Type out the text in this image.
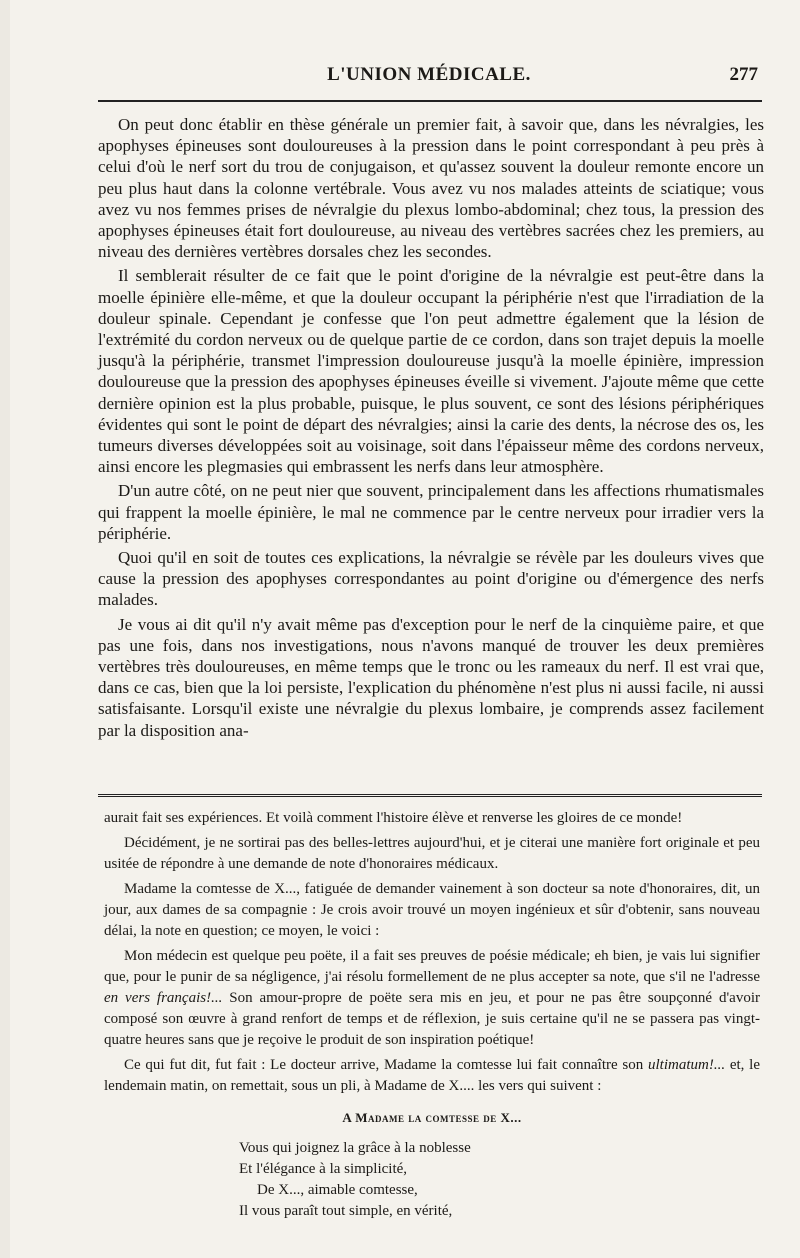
L'UNION MÉDICALE.	277

On peut donc établir en thèse générale un premier fait, à savoir que, dans les névralgies, les apophyses épineuses sont douloureuses à la pression dans le point correspondant à peu près à celui d'où le nerf sort du trou de conjugaison, et qu'assez souvent la douleur remonte encore un peu plus haut dans la colonne vertébrale. Vous avez vu nos malades atteints de sciatique; vous avez vu nos femmes prises de névralgie du plexus lombo-abdominal; chez tous, la pression des apophyses épineuses était fort douloureuse, au niveau des vertèbres sacrées chez les premiers, au niveau des dernières vertèbres dorsales chez les secondes.

Il semblerait résulter de ce fait que le point d'origine de la névralgie est peut-être dans la moelle épinière elle-même, et que la douleur occupant la périphérie n'est que l'irradiation de la douleur spinale. Cependant je confesse que l'on peut admettre également que la lésion de l'extrémité du cordon nerveux ou de quelque partie de ce cordon, dans son trajet depuis la moelle jusqu'à la périphérie, transmet l'impression douloureuse jusqu'à la moelle épinière, impression douloureuse que la pression des apophyses épineuses éveille si vivement. J'ajoute même que cette dernière opinion est la plus probable, puisque, le plus souvent, ce sont des lésions périphériques évidentes qui sont le point de départ des névralgies; ainsi la carie des dents, la nécrose des os, les tumeurs diverses développées soit au voisinage, soit dans l'épaisseur même des cordons nerveux, ainsi encore les plegmasies qui embrassent les nerfs dans leur atmosphère.

D'un autre côté, on ne peut nier que souvent, principalement dans les affections rhumatismales qui frappent la moelle épinière, le mal ne commence par le centre nerveux pour irradier vers la périphérie.

Quoi qu'il en soit de toutes ces explications, la névralgie se révèle par les douleurs vives que cause la pression des apophyses correspondantes au point d'origine ou d'émergence des nerfs malades.

Je vous ai dit qu'il n'y avait même pas d'exception pour le nerf de la cinquième paire, et que pas une fois, dans nos investigations, nous n'avons manqué de trouver les deux premières vertèbres très douloureuses, en même temps que le tronc ou les rameaux du nerf. Il est vrai que, dans ce cas, bien que la loi persiste, l'explication du phénomène n'est plus ni aussi facile, ni aussi satisfaisante. Lorsqu'il existe une névralgie du plexus lombaire, je comprends assez facilement par la disposition ana-

aurait fait ses expériences. Et voilà comment l'histoire élève et renverse les gloires de ce monde!

Décidément, je ne sortirai pas des belles-lettres aujourd'hui, et je citerai une manière fort originale et peu usitée de répondre à une demande de note d'honoraires médicaux.

Madame la comtesse de X..., fatiguée de demander vainement à son docteur sa note d'honoraires, dit, un jour, aux dames de sa compagnie : Je crois avoir trouvé un moyen ingénieux et sûr d'obtenir, sans nouveau délai, la note en question; ce moyen, le voici :

Mon médecin est quelque peu poëte, il a fait ses preuves de poésie médicale; eh bien, je vais lui signifier que, pour le punir de sa négligence, j'ai résolu formellement de ne plus accepter sa note, que s'il ne l'adresse en vers français!... Son amour-propre de poëte sera mis en jeu, et pour ne pas être soupçonné d'avoir composé son œuvre à grand renfort de temps et de réflexion, je suis certaine qu'il ne se passera pas vingt-quatre heures sans que je reçoive le produit de son inspiration poétique!

Ce qui fut dit, fut fait : Le docteur arrive, Madame la comtesse lui fait connaître son ultimatum!... et, le lendemain matin, on remettait, sous un pli, à Madame de X.... les vers qui suivent :

A Madame la comtesse de X...
Vous qui joignez la grâce à la noblesse
Et l'élégance à la simplicité,
De X..., aimable comtesse,
Il vous paraît tout simple, en vérité,
